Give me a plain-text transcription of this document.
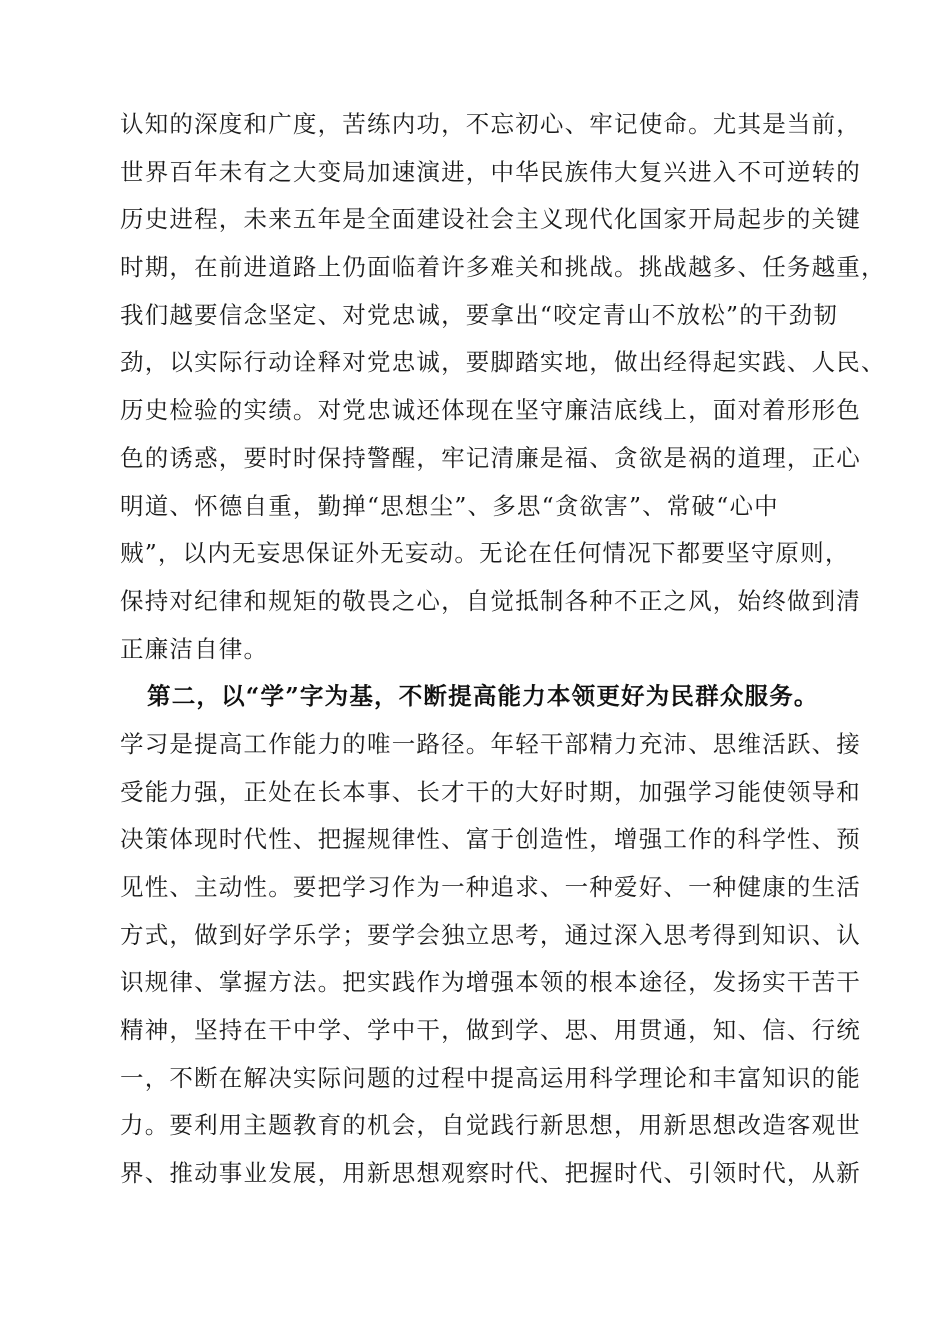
认知的深度和广度，苦练内功，不忘初心、牢记使命。尤其是当前，
世界百年未有之大变局加速演进，中华民族伟大复兴进入不可逆转的
历史进程，未来五年是全面建设社会主义现代化国家开局起步的关键
时期，在前进道路上仍面临着许多难关和挑战。挑战越多、任务越重，
我们越要信念坚定、对党忠诚，要拿出“咬定青山不放松”的干劲韧
劲，以实际行动诠释对党忠诚，要脚踏实地，做出经得起实践、人民、
历史检验的实绩。对党忠诚还体现在坚守廉洁底线上，面对着形形色
色的诱惑，要时时保持警醒，牢记清廉是福、贪欲是祸的道理，正心
明道、怀德自重，勤掸“思想尘”、多思“贪欲害”、常破“心中
贼”，以内无妄思保证外无妄动。无论在任何情况下都要坚守原则，
保持对纪律和规矩的敬畏之心，自觉抵制各种不正之风，始终做到清
正廉洁自律。
第二，以“学”字为基，不断提高能力本领更好为民群众服务。
学习是提高工作能力的唯一路径。年轻干部精力充沛、思维活跃、接
受能力强，正处在长本事、长才干的大好时期，加强学习能使领导和
决策体现时代性、把握规律性、富于创造性，增强工作的科学性、预
见性、主动性。要把学习作为一种追求、一种爱好、一种健康的生活
方式，做到好学乐学；要学会独立思考，通过深入思考得到知识、认
识规律、掌握方法。把实践作为增强本领的根本途径，发扬实干苦干
精神，坚持在干中学、学中干，做到学、思、用贯通，知、信、行统
一，不断在解决实际问题的过程中提高运用科学理论和丰富知识的能
力。要利用主题教育的机会，自觉践行新思想，用新思想改造客观世
界、推动事业发展，用新思想观察时代、把握时代、引领时代，从新
